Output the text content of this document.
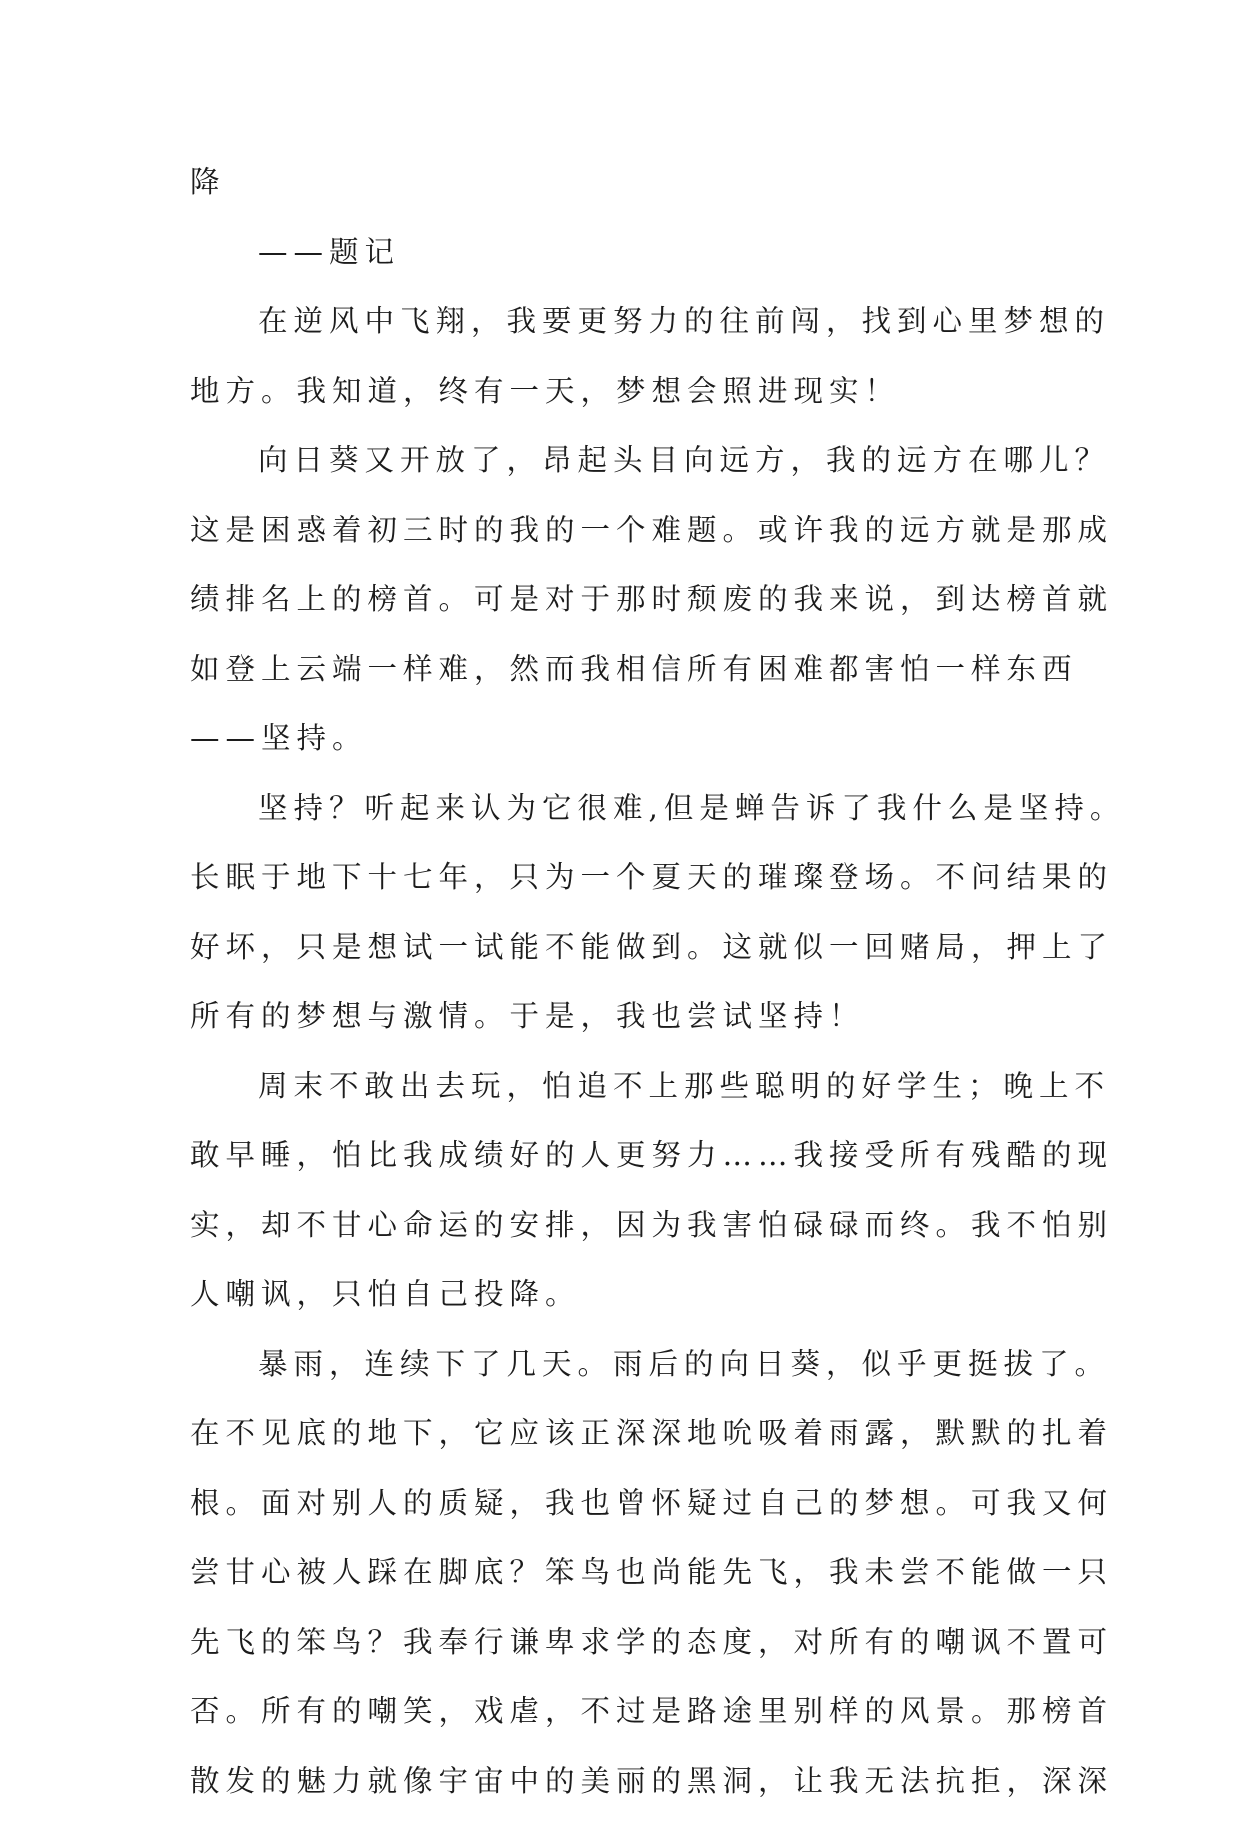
降
——题记
在逆风中飞翔，我要更努力的往前闯，找到心里梦想的
地方。我知道，终有一天，梦想会照进现实！
向日葵又开放了，昂起头目向远方，我的远方在哪儿？
这是困惑着初三时的我的一个难题。或许我的远方就是那成
绩排名上的榜首。可是对于那时颓废的我来说，到达榜首就
如登上云端一样难，然而我相信所有困难都害怕一样东西
——坚持。
坚持？听起来认为它很难,但是蝉告诉了我什么是坚持。
长眠于地下十七年，只为一个夏天的璀璨登场。不问结果的
好坏，只是想试一试能不能做到。这就似一回赌局，押上了
所有的梦想与激情。于是，我也尝试坚持！
周末不敢出去玩，怕追不上那些聪明的好学生；晚上不
敢早睡，怕比我成绩好的人更努力……我接受所有残酷的现
实，却不甘心命运的安排，因为我害怕碌碌而终。我不怕别
人嘲讽，只怕自己投降。
暴雨，连续下了几天。雨后的向日葵，似乎更挺拔了。
在不见底的地下，它应该正深深地吮吸着雨露，默默的扎着
根。面对别人的质疑，我也曾怀疑过自己的梦想。可我又何
尝甘心被人踩在脚底？笨鸟也尚能先飞，我未尝不能做一只
先飞的笨鸟？我奉行谦卑求学的态度，对所有的嘲讽不置可
否。所有的嘲笑，戏虐，不过是路途里别样的风景。那榜首
散发的魅力就像宇宙中的美丽的黑洞，让我无法抗拒，深深
